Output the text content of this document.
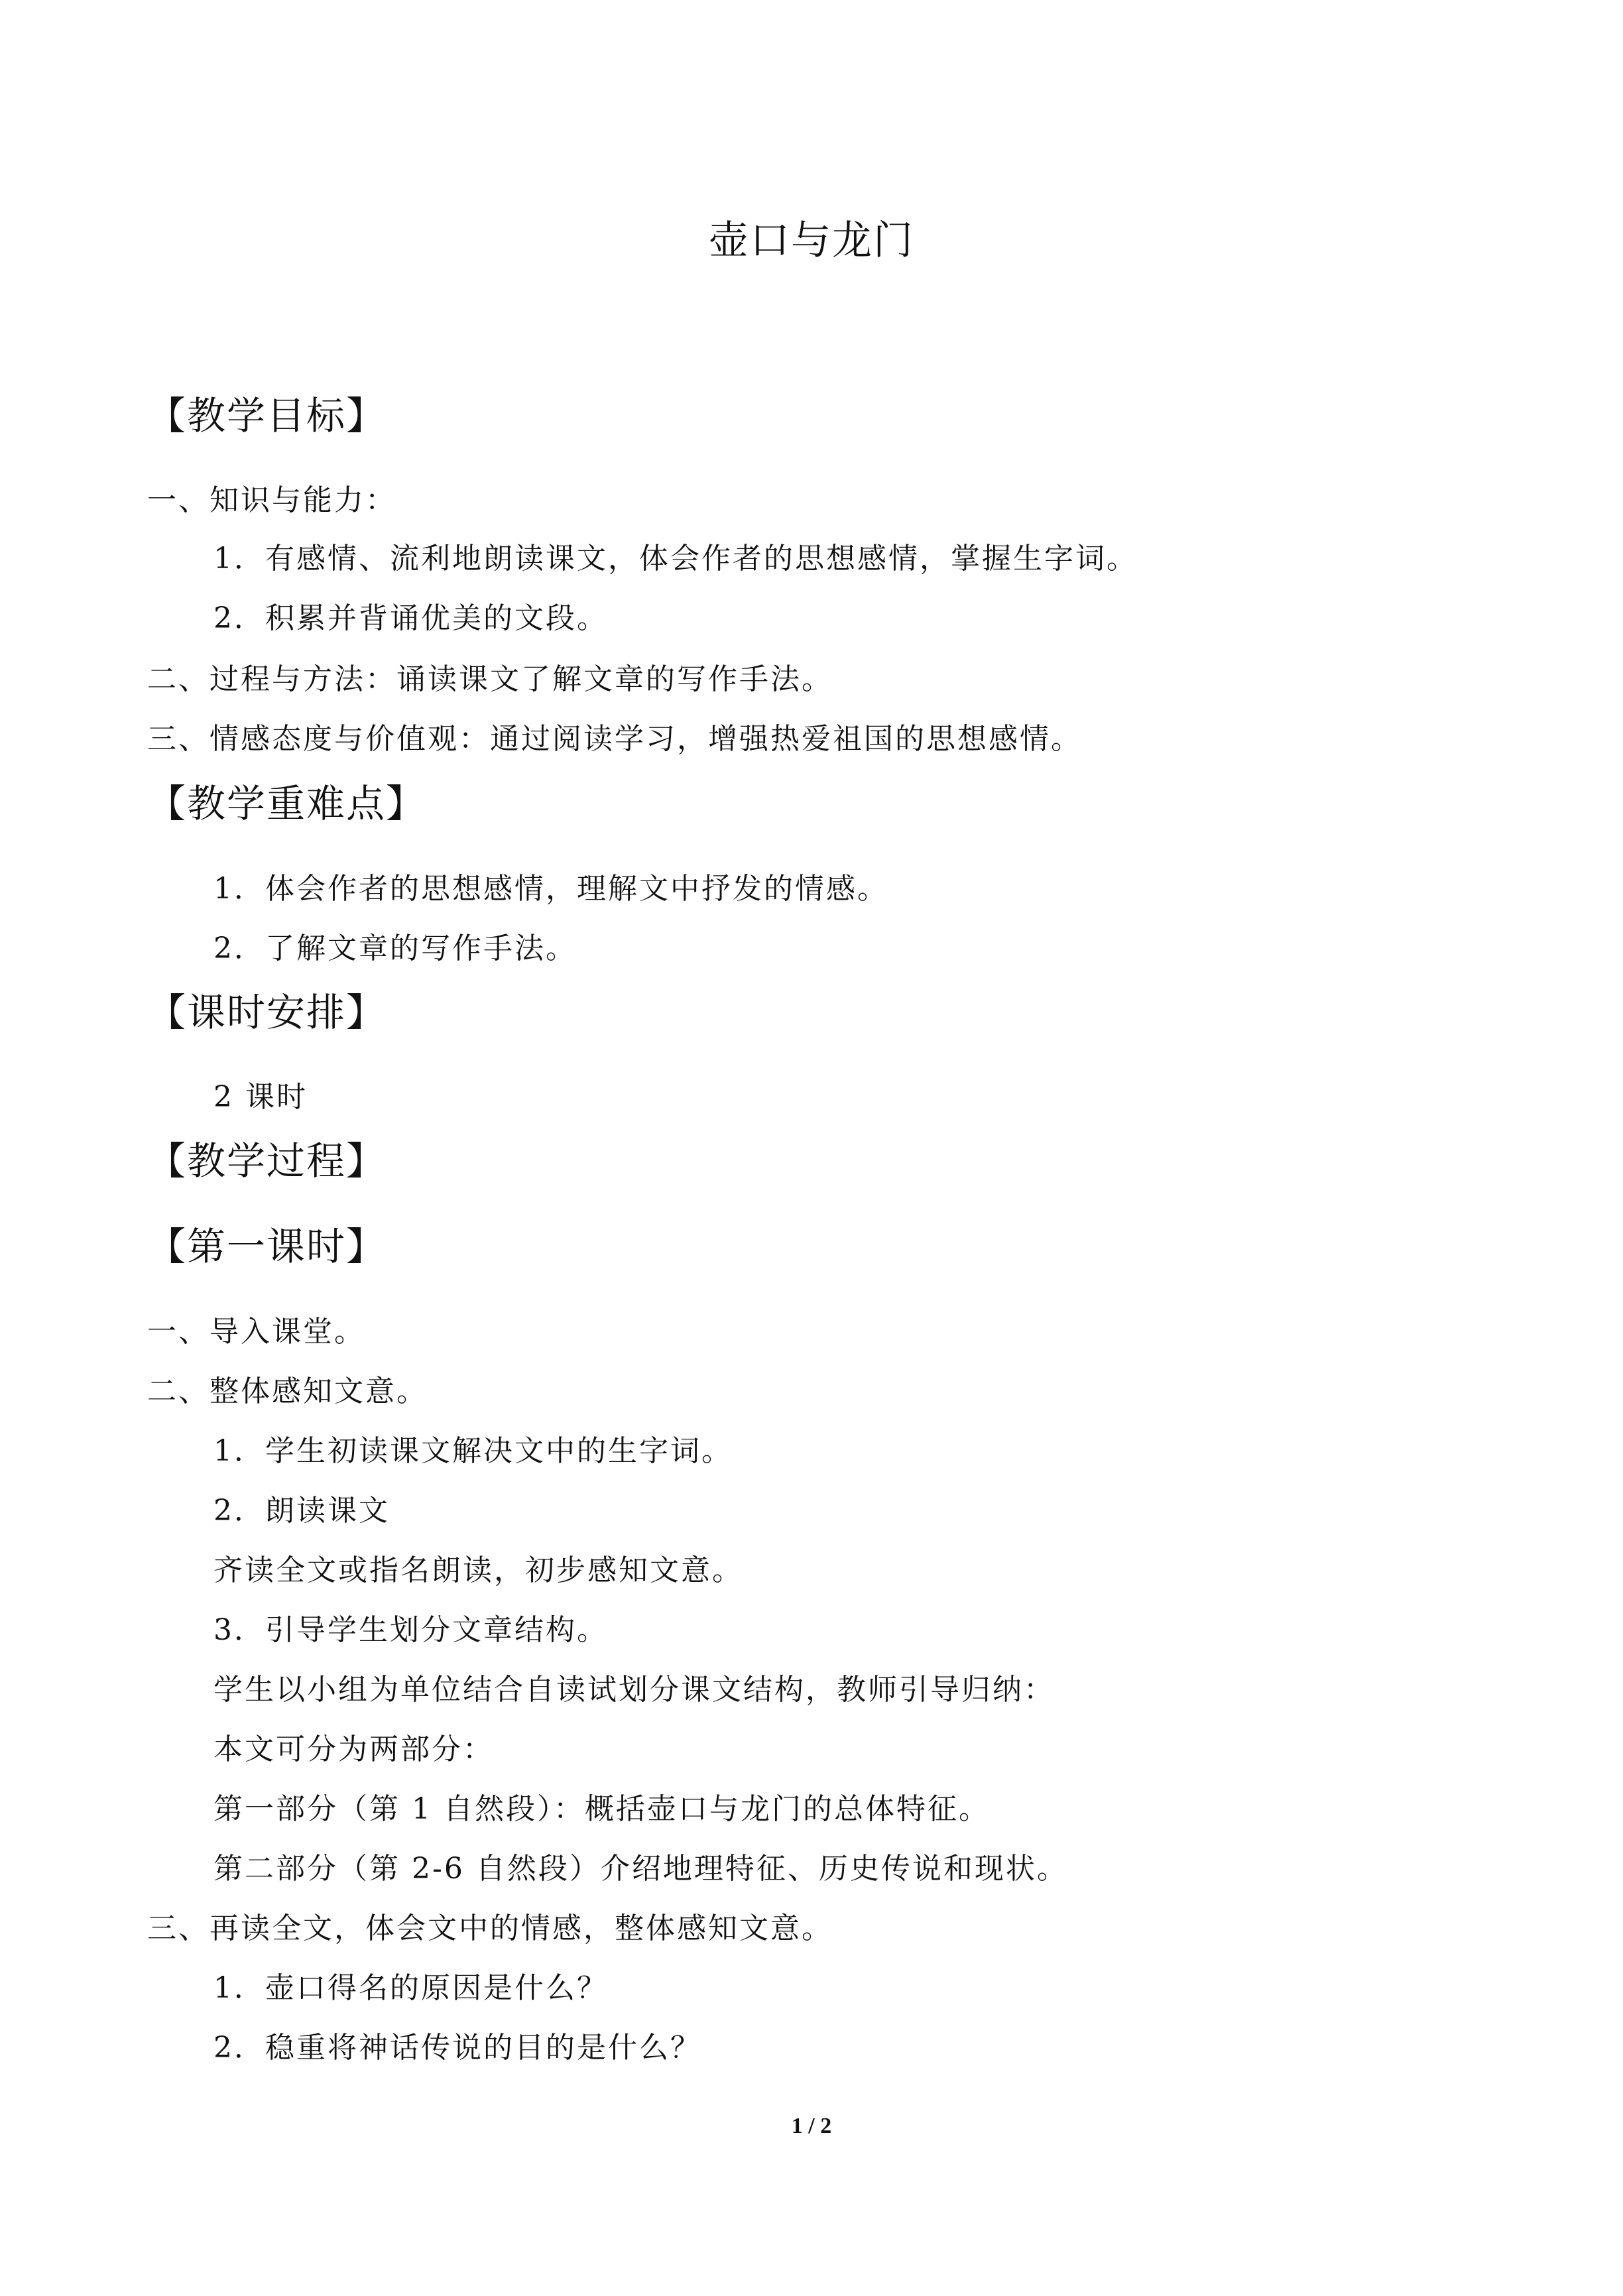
壶口与龙门
【教学目标】
一、知识与能力：
1．有感情、流利地朗读课文，体会作者的思想感情，掌握生字词。
2．积累并背诵优美的文段。
二、过程与方法：诵读课文了解文章的写作手法。
三、情感态度与价值观：通过阅读学习，增强热爱祖国的思想感情。
【教学重难点】
1．体会作者的思想感情，理解文中抒发的情感。
2．了解文章的写作手法。
【课时安排】
2 课时
【教学过程】
【第一课时】
一、导入课堂。
二、整体感知文意。
1．学生初读课文解决文中的生字词。
2．朗读课文
齐读全文或指名朗读，初步感知文意。
3．引导学生划分文章结构。
学生以小组为单位结合自读试划分课文结构，教师引导归纳：
本文可分为两部分：
第一部分（第 1 自然段）：概括壶口与龙门的总体特征。
第二部分（第 2-6 自然段）介绍地理特征、历史传说和现状。
三、再读全文，体会文中的情感，整体感知文意。
1．壶口得名的原因是什么？
2．稳重将神话传说的目的是什么？
1 / 2
